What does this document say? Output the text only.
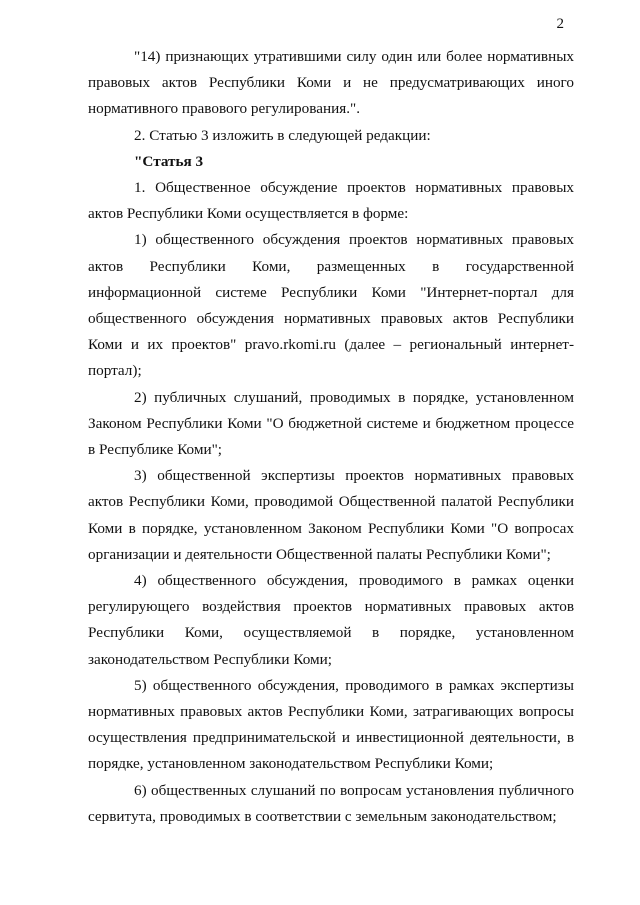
2

"14) признающих утратившими силу один или более нормативных правовых актов Республики Коми и не предусматривающих иного нормативного правового регулирования.".

2. Статью 3 изложить в следующей редакции:

"Статья 3

1. Общественное обсуждение проектов нормативных правовых актов Республики Коми осуществляется в форме:

1) общественного обсуждения проектов нормативных правовых актов Республики Коми, размещенных в государственной информационной системе Республики Коми "Интернет-портал для общественного обсуждения нормативных правовых актов Республики Коми и их проектов" pravo.rkomi.ru (далее – региональный интернет-портал);

2) публичных слушаний, проводимых в порядке, установленном Законом Республики Коми "О бюджетной системе и бюджетном процессе в Республике Коми";

3) общественной экспертизы проектов нормативных правовых актов Республики Коми, проводимой Общественной палатой Республики Коми в порядке, установленном Законом Республики Коми "О вопросах организации и деятельности Общественной палаты Республики Коми";

4) общественного обсуждения, проводимого в рамках оценки регулирующего воздействия проектов нормативных правовых актов Республики Коми, осуществляемой в порядке, установленном законодательством Республики Коми;

5) общественного обсуждения, проводимого в рамках экспертизы нормативных правовых актов Республики Коми, затрагивающих вопросы осуществления предпринимательской и инвестиционной деятельности, в порядке, установленном законодательством Республики Коми;

6) общественных слушаний по вопросам установления публичного сервитута, проводимых в соответствии с земельным законодательством;
